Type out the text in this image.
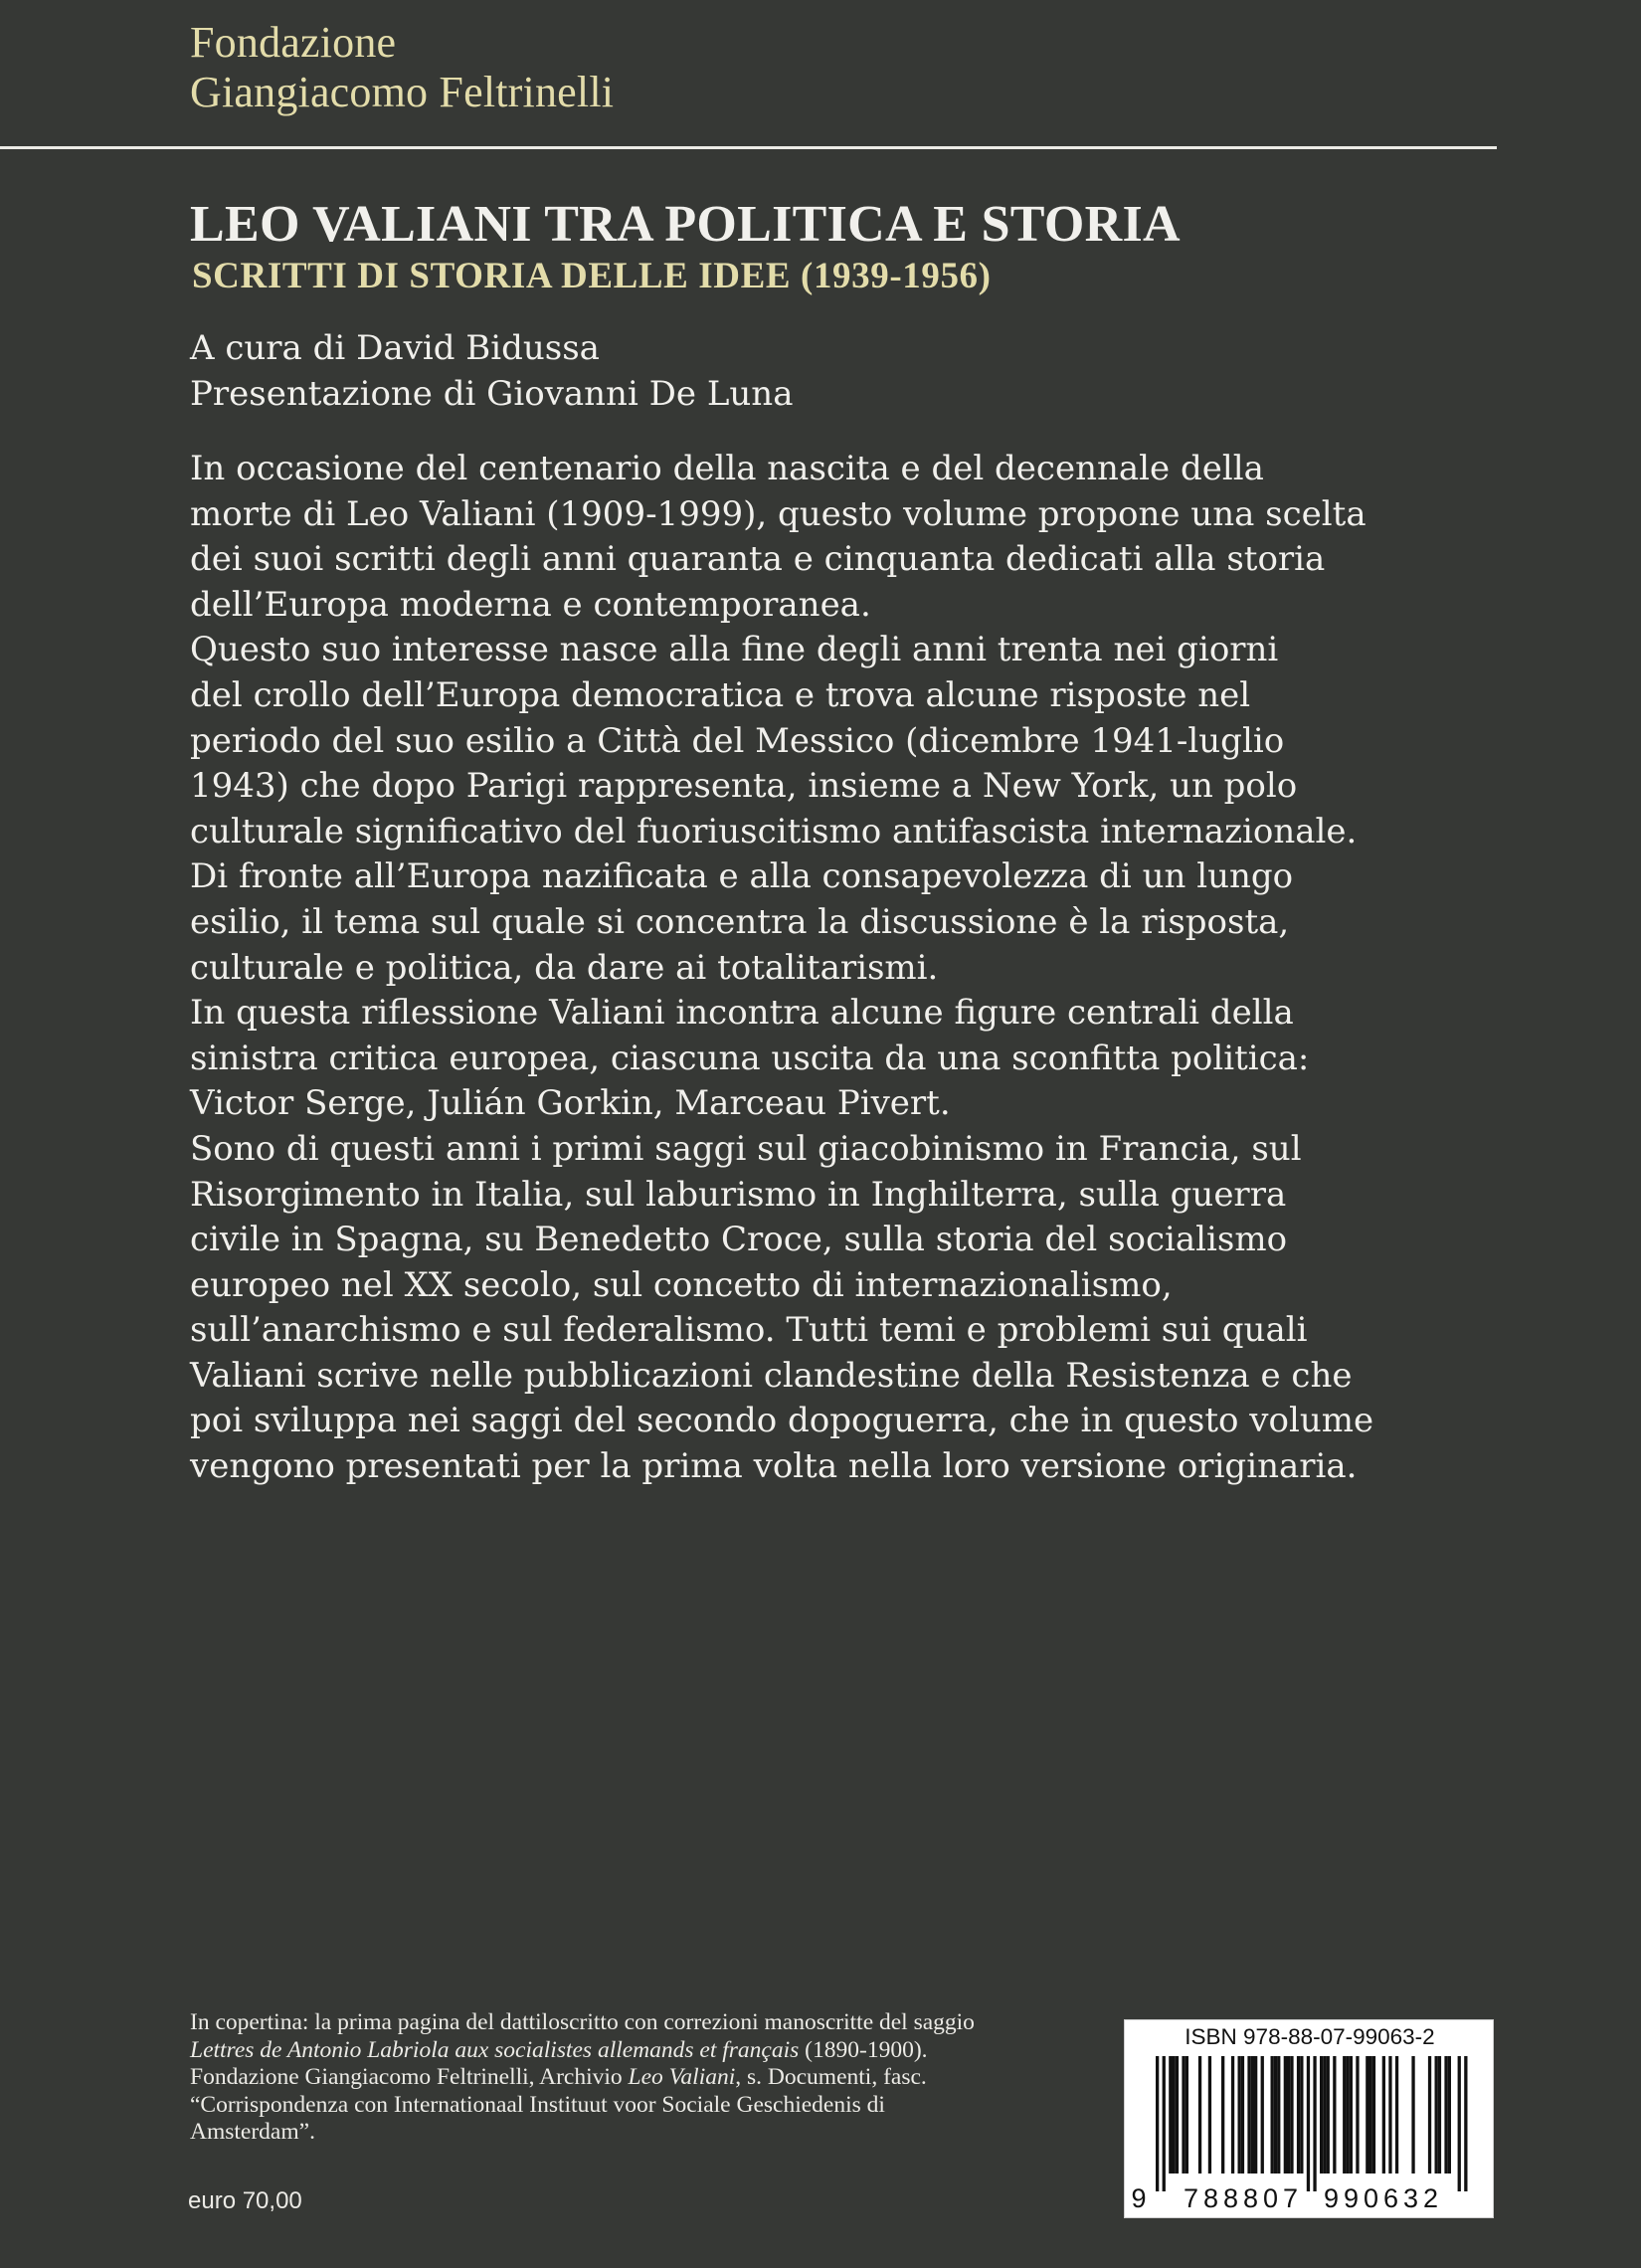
Fondazione
Giangiacomo Feltrinelli
LEO VALIANI TRA POLITICA E STORIA
SCRITTI DI STORIA DELLE IDEE (1939-1956)
A cura di David Bidussa
Presentazione di Giovanni De Luna
In occasione del centenario della nascita e del decennale della
morte di Leo Valiani (1909-1999), questo volume propone una scelta
dei suoi scritti degli anni quaranta e cinquanta dedicati alla storia
dell’Europa moderna e contemporanea.
Questo suo interesse nasce alla fine degli anni trenta nei giorni
del crollo dell’Europa democratica e trova alcune risposte nel
periodo del suo esilio a Città del Messico (dicembre 1941-luglio
1943) che dopo Parigi rappresenta, insieme a New York, un polo
culturale significativo del fuoriuscitismo antifascista internazionale.
Di fronte all’Europa nazificata e alla consapevolezza di un lungo
esilio, il tema sul quale si concentra la discussione è la risposta,
culturale e politica, da dare ai totalitarismi.
In questa riflessione Valiani incontra alcune figure centrali della
sinistra critica europea, ciascuna uscita da una sconfitta politica:
Victor Serge, Julián Gorkin, Marceau Pivert.
Sono di questi anni i primi saggi sul giacobinismo in Francia, sul
Risorgimento in Italia, sul laburismo in Inghilterra, sulla guerra
civile in Spagna, su Benedetto Croce, sulla storia del socialismo
europeo nel XX secolo, sul concetto di internazionalismo,
sull’anarchismo e sul federalismo. Tutti temi e problemi sui quali
Valiani scrive nelle pubblicazioni clandestine della Resistenza e che
poi sviluppa nei saggi del secondo dopoguerra, che in questo volume
vengono presentati per la prima volta nella loro versione originaria.
In copertina: la prima pagina del dattiloscritto con correzioni manoscritte del saggio
Lettres de Antonio Labriola aux socialistes allemands et français (1890-1900).
Fondazione Giangiacomo Feltrinelli, Archivio Leo Valiani, s. Documenti, fasc.
“Corrispondenza con Internationaal Instituut voor Sociale Geschiedenis di
Amsterdam”.
euro 70,00
ISBN 978-88-07-99063-2
9 788807 990632
